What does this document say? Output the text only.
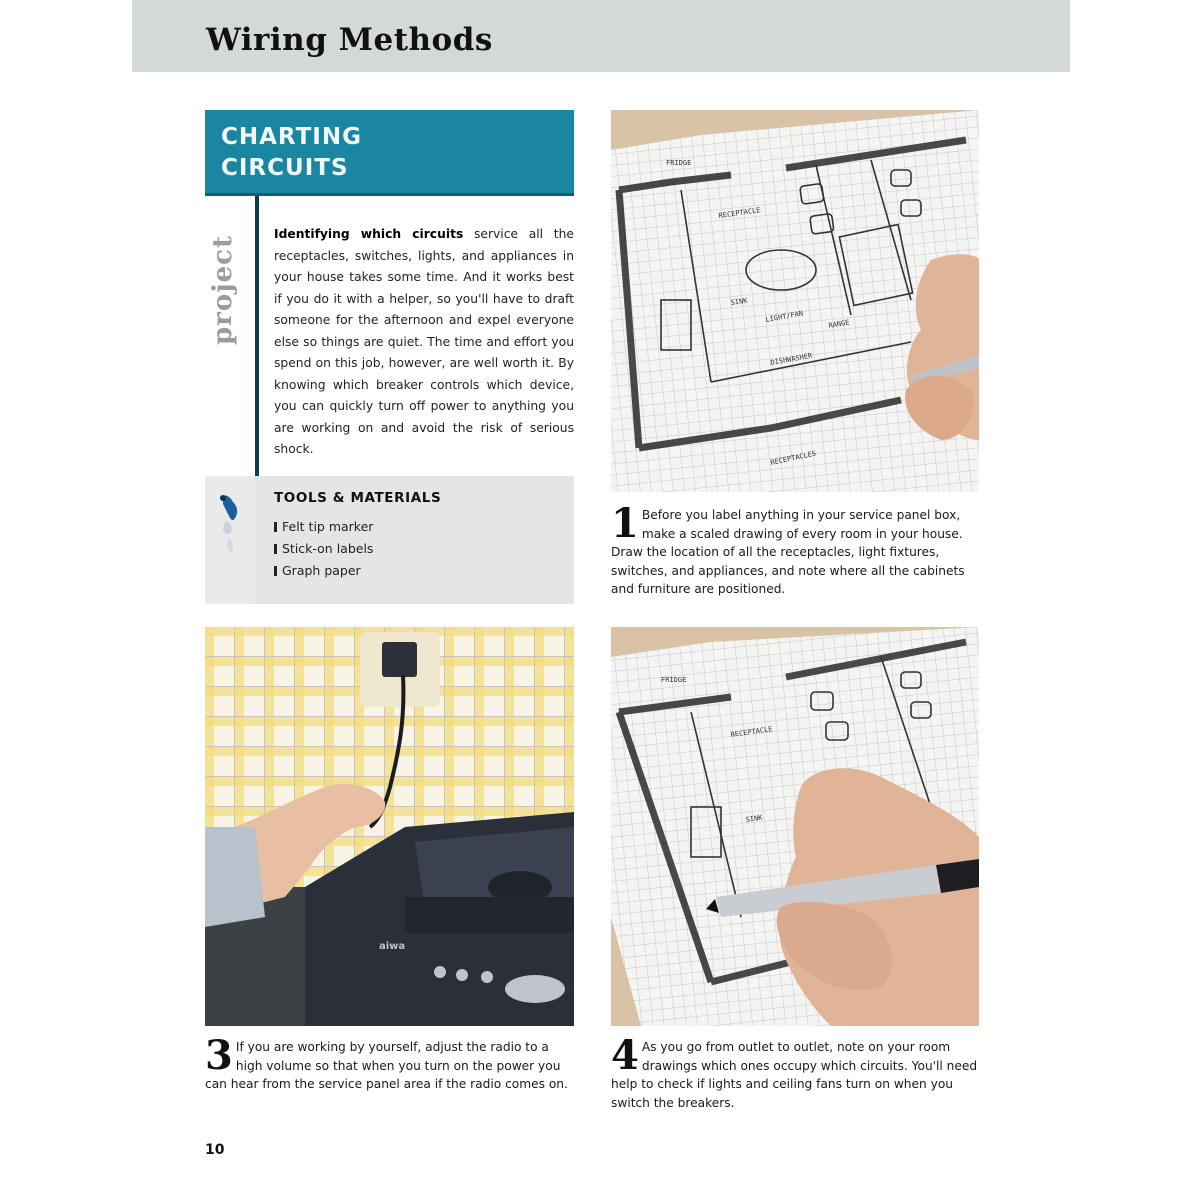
Wiring Methods
CHARTING
CIRCUITS
project
Identifying which circuits service all the receptacles, switches, lights, and appliances in your house takes some time. And it works best if you do it with a helper, so you'll have to draft someone for the afternoon and expel everyone else so things are quiet. The time and effort you spend on this job, however, are well worth it. By knowing which breaker controls which device, you can quickly turn off power to anything you are working on and avoid the risk of serious shock.
TOOLS & MATERIALS
Felt tip marker
Stick-on labels
Graph paper
FRIDGE
RECEPTACLE
SINK
LIGHT/FAN
RANGE
DISHWASHER
RECEPTACLES
1 Before you label anything in your service panel box, make a scaled drawing of every room in your house. Draw the location of all the receptacles, light fixtures, switches, and appliances, and note where all the cabinets and furniture are positioned.
aiwa
3 If you are working by yourself, adjust the radio to a high volume so that when you turn on the power you can hear from the service panel area if the radio comes on.
FRIDGE
RECEPTACLE
SINK
4 As you go from outlet to outlet, note on your room drawings which ones occupy which circuits. You'll need help to check if lights and ceiling fans turn on when you switch the breakers.
10
